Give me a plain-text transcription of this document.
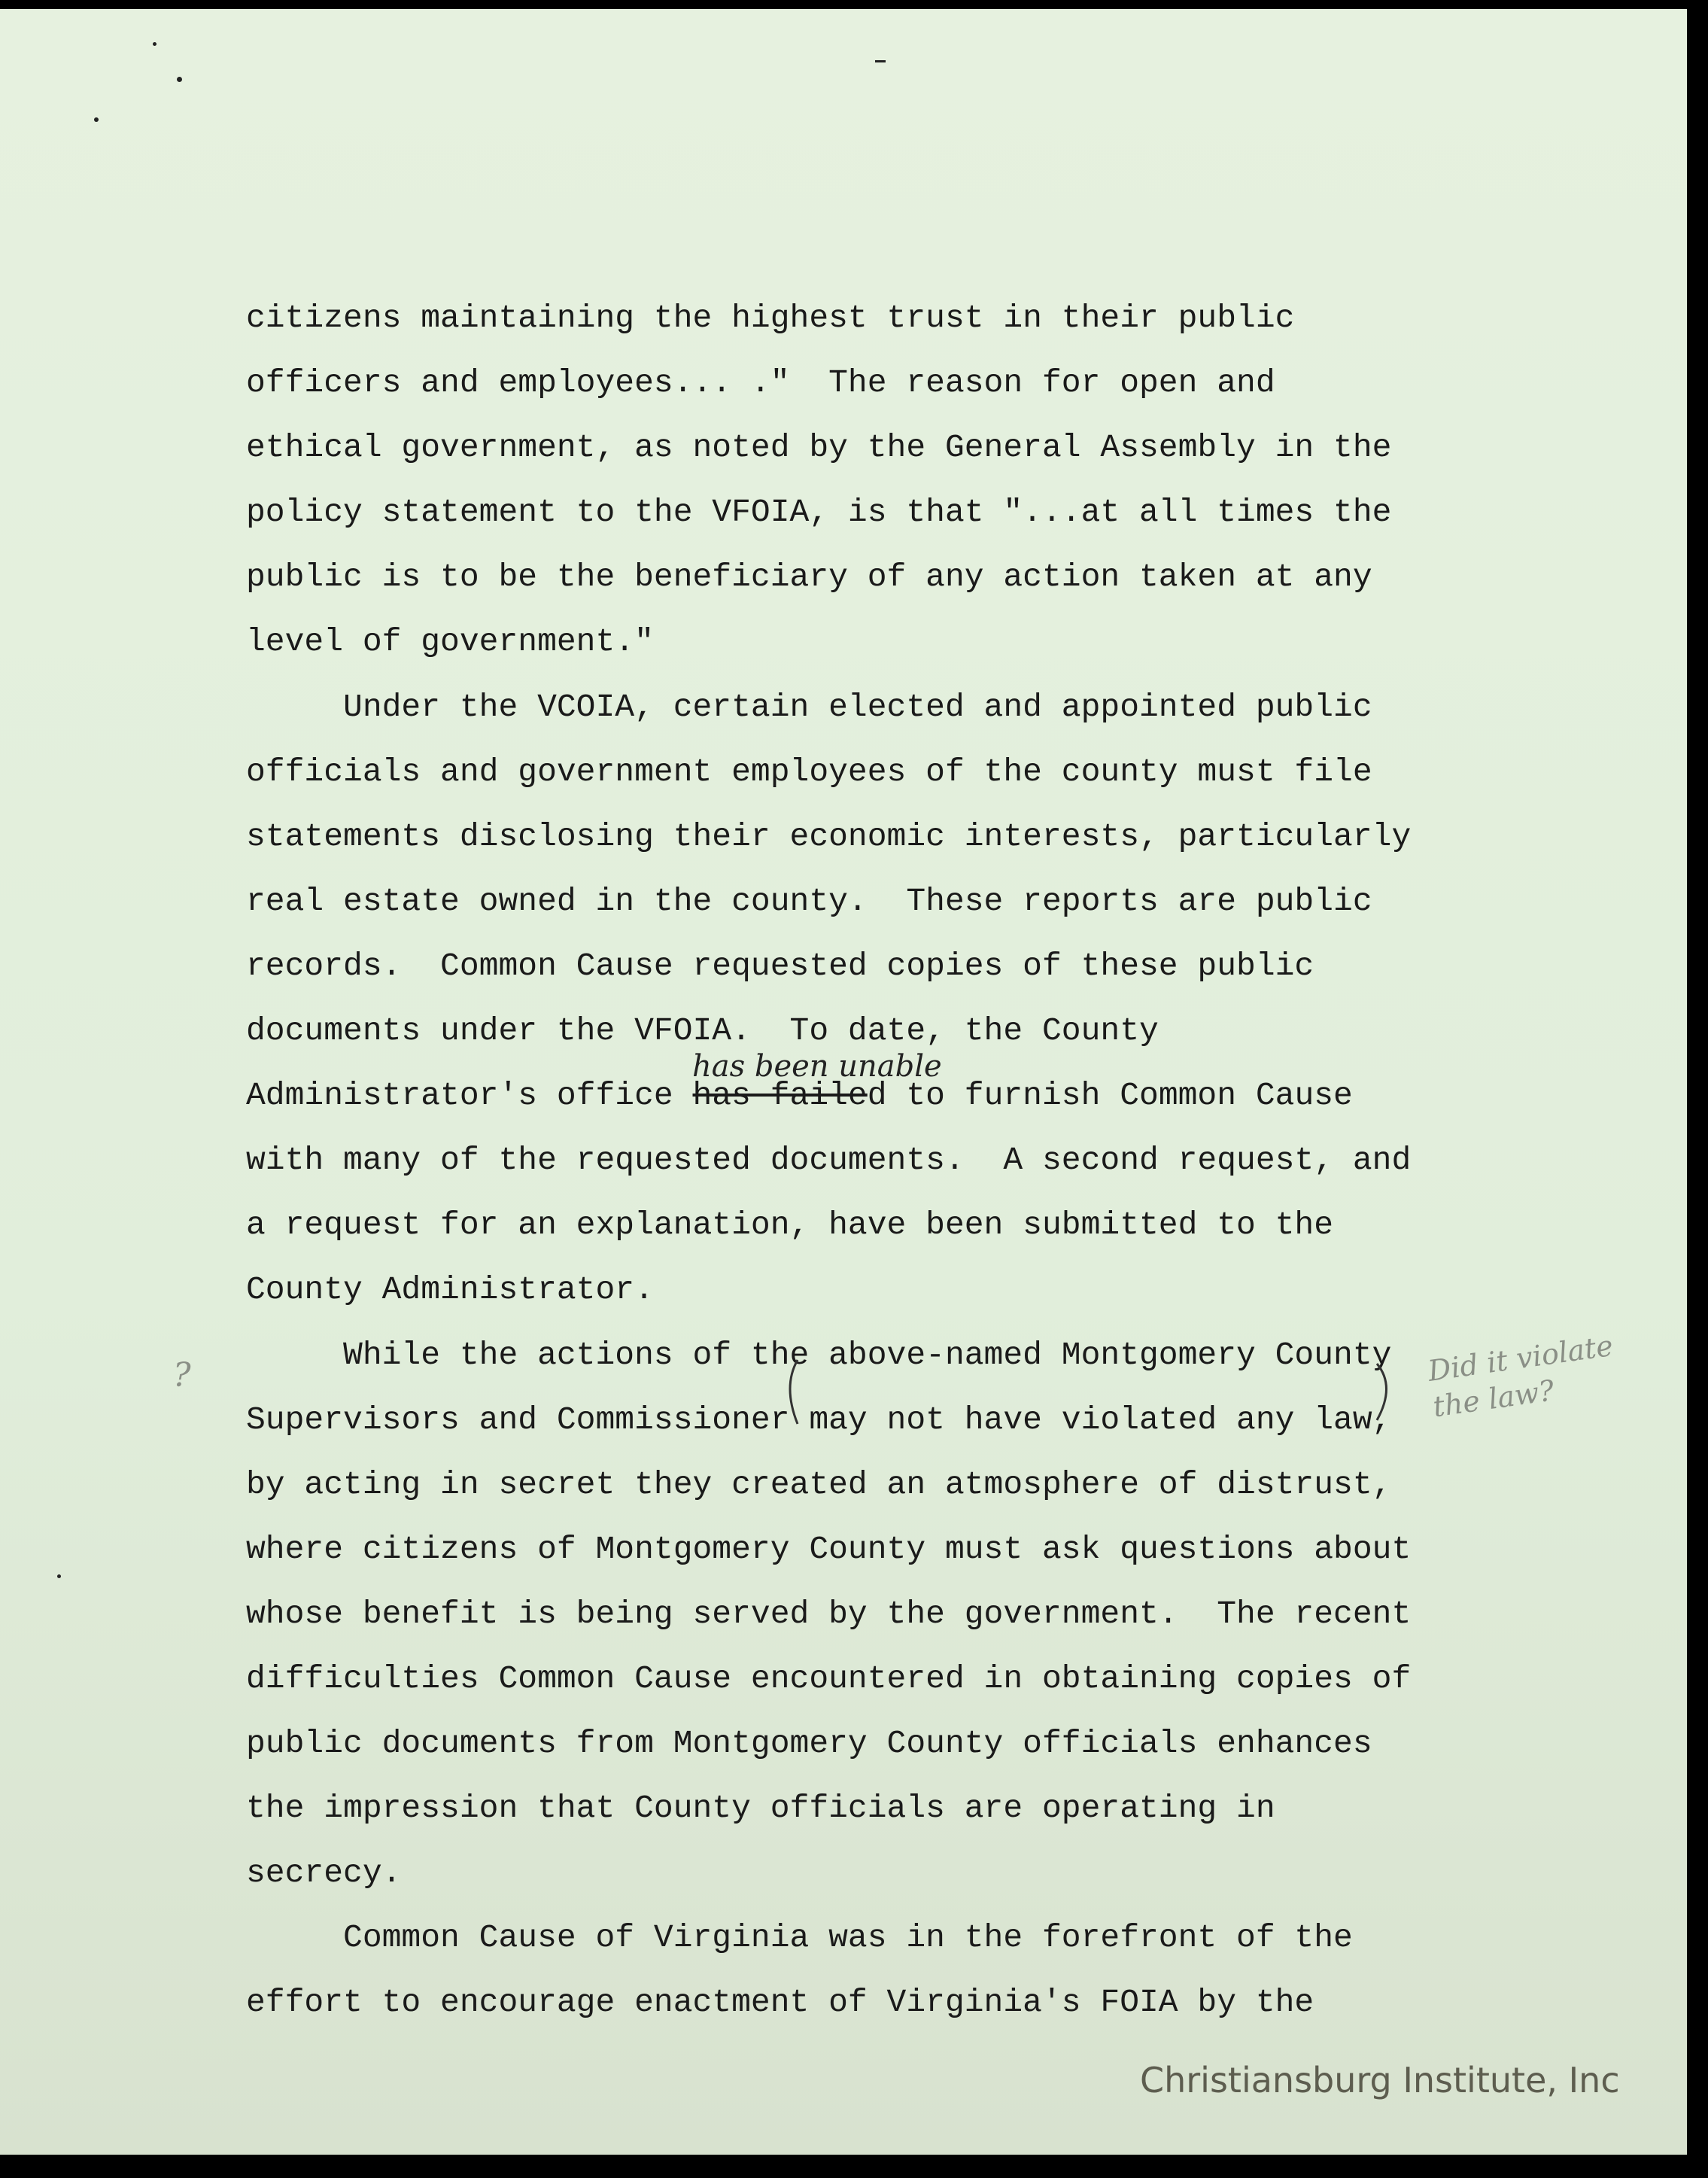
citizens maintaining the highest trust in their public
officers and employees... ."  The reason for open and
ethical government, as noted by the General Assembly in the
policy statement to the VFOIA, is that "...at all times the
public is to be the beneficiary of any action taken at any
level of government."
Under the VCOIA, certain elected and appointed public
officials and government employees of the county must file
statements disclosing their economic interests, particularly
real estate owned in the county.  These reports are public
records.  Common Cause requested copies of these public
documents under the VFOIA.  To date, the County
Administrator's office has failed to furnish Common Cause
with many of the requested documents.  A second request, and
a request for an explanation, have been submitted to the
County Administrator.
While the actions of the above-named Montgomery County
Supervisors and Commissioner may not have violated any law,
by acting in secret they created an atmosphere of distrust,
where citizens of Montgomery County must ask questions about
whose benefit is being served by the government.  The recent
difficulties Common Cause encountered in obtaining copies of
public documents from Montgomery County officials enhances
the impression that County officials are operating in
secrecy.
Common Cause of Virginia was in the forefront of the
effort to encourage enactment of Virginia's FOIA by the
has been unable
Did it violate the law?
?
Christiansburg Institute, Inc
